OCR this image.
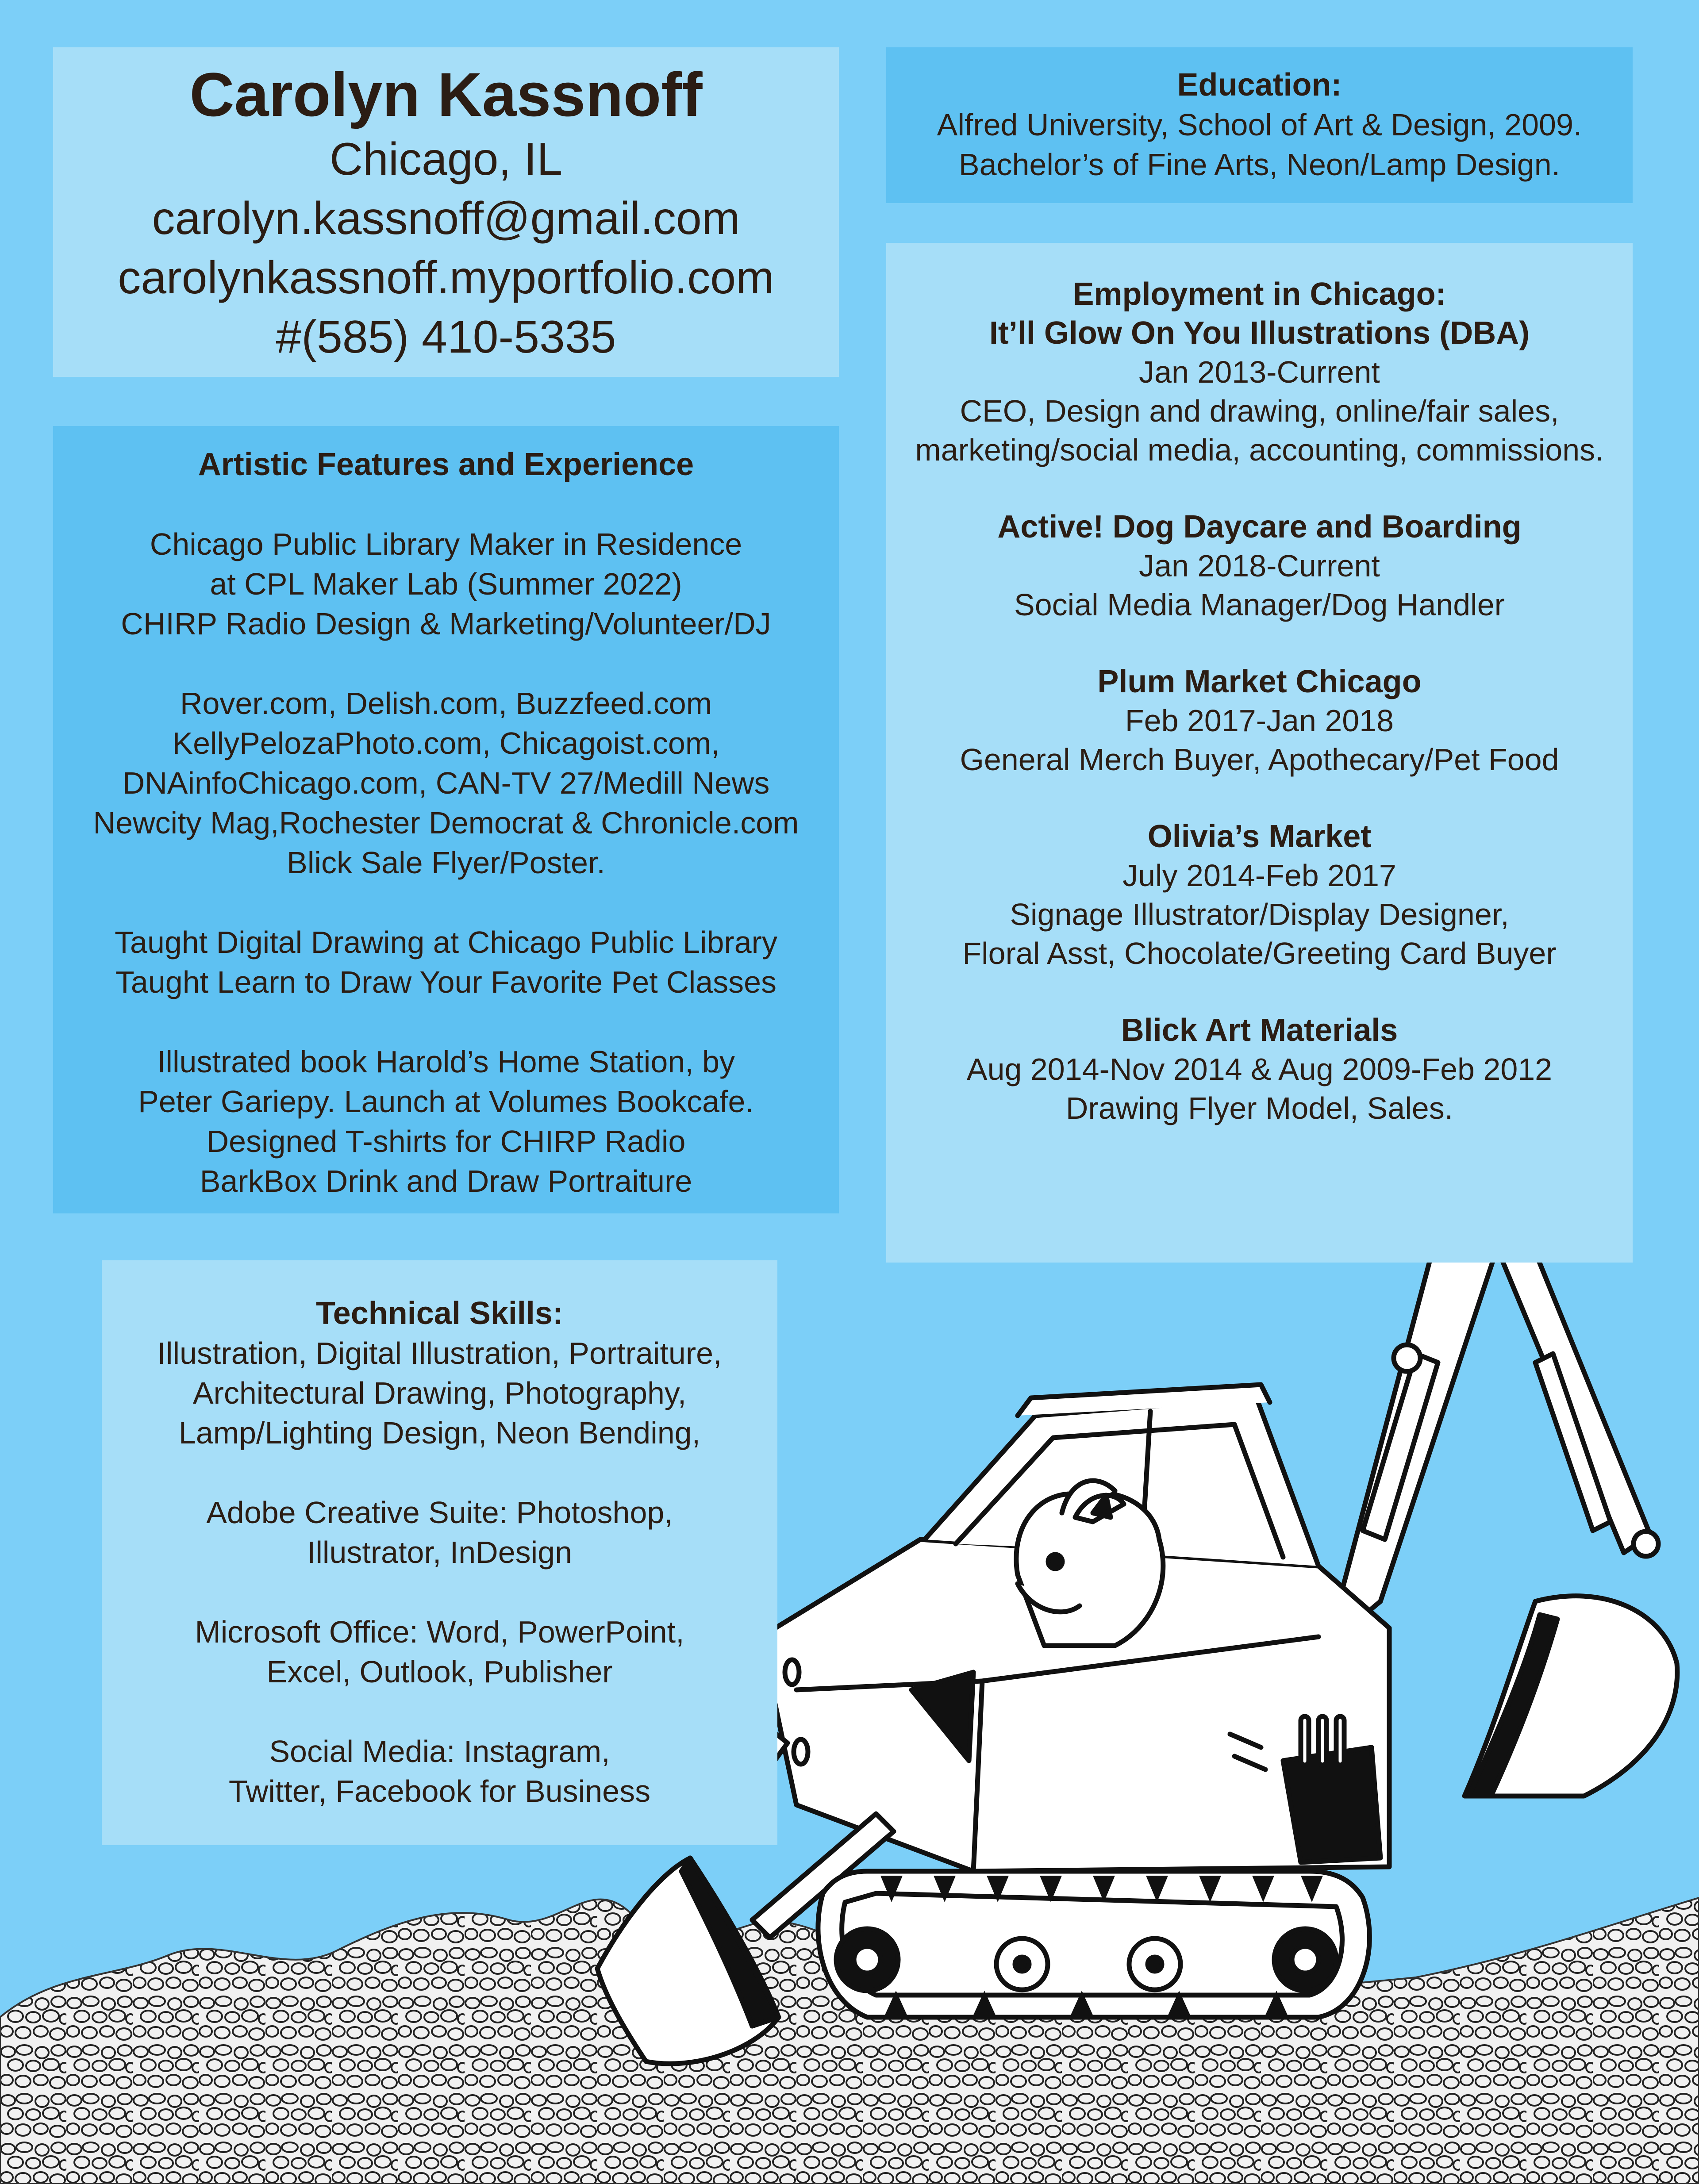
Carolyn Kassnoff

Chicago, IL

carolyn.kassnoff@gmail.com

carolynkassnoff.myportfolio.com

#(585) 410-5335

Education:

Alfred University, School of Art & Design, 2009.

Bachelor’s of Fine Arts, Neon/Lamp Design.

Artistic Features and Experience

Chicago Public Library Maker in Residence

at CPL Maker Lab (Summer 2022)

CHIRP Radio Design & Marketing/Volunteer/DJ

Rover.com, Delish.com, Buzzfeed.com

KellyPelozaPhoto.com, Chicagoist.com,

DNAinfoChicago.com, CAN-TV 27/Medill News

Newcity Mag,Rochester Democrat & Chronicle.com

Blick Sale Flyer/Poster.

Taught Digital Drawing at Chicago Public Library

Taught Learn to Draw Your Favorite Pet Classes

Illustrated book Harold’s Home Station, by

Peter Gariepy. Launch at Volumes Bookcafe.

Designed T-shirts for CHIRP Radio

BarkBox Drink and Draw Portraiture

Employment in Chicago:

It’ll Glow On You Illustrations (DBA)

Jan 2013-Current

CEO, Design and drawing, online/fair sales,

marketing/social media, accounting, commissions.

Active! Dog Daycare and Boarding

Jan 2018-Current

Social Media Manager/Dog Handler

Plum Market Chicago

Feb 2017-Jan 2018

General Merch Buyer, Apothecary/Pet Food

Olivia’s Market

July 2014-Feb 2017

Signage Illustrator/Display Designer,

Floral Asst, Chocolate/Greeting Card Buyer

Blick Art Materials

Aug 2014-Nov 2014 & Aug 2009-Feb 2012

Drawing Flyer Model, Sales.

Technical Skills:

Illustration, Digital Illustration, Portraiture,

Architectural Drawing, Photography,

Lamp/Lighting Design, Neon Bending,

Adobe Creative Suite: Photoshop,

Illustrator, InDesign

Microsoft Office: Word, PowerPoint,

Excel, Outlook, Publisher

Social Media: Instagram,

Twitter, Facebook for Business
